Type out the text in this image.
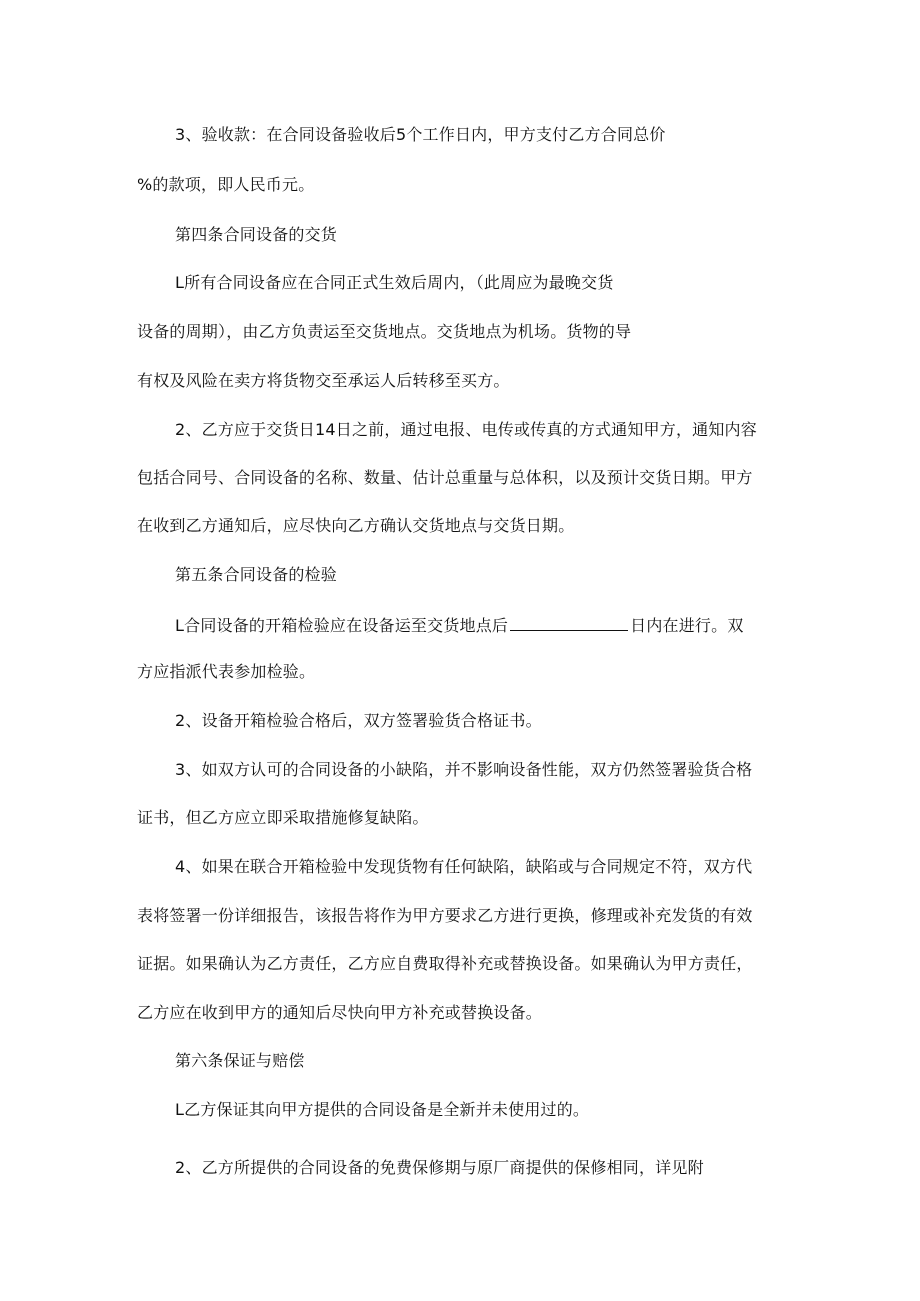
3、验收款：在合同设备验收后5个工作日内，甲方支付乙方合同总价
%的款项，即人民币元。
第四条合同设备的交货
L所有合同设备应在合同正式生效后周内，（此周应为最晚交货
设备的周期），由乙方负责运至交货地点。交货地点为机场。货物的导
有权及风险在卖方将货物交至承运人后转移至买方。
2、乙方应于交货日14日之前，通过电报、电传或传真的方式通知甲方，通知内容
包括合同号、合同设备的名称、数量、估计总重量与总体积，以及预计交货日期。甲方
在收到乙方通知后，应尽快向乙方确认交货地点与交货日期。
第五条合同设备的检验
L合同设备的开箱检验应在设备运至交货地点后	日内在进行。双
方应指派代表参加检验。
2、设备开箱检验合格后，双方签署验货合格证书。
3、如双方认可的合同设备的小缺陷，并不影响设备性能，双方仍然签署验货合格
证书，但乙方应立即采取措施修复缺陷。
4、如果在联合开箱检验中发现货物有任何缺陷，缺陷或与合同规定不符，双方代
表将签署一份详细报告，该报告将作为甲方要求乙方进行更换，修理或补充发货的有效
证据。如果确认为乙方责任，乙方应自费取得补充或替换设备。如果确认为甲方责任，
乙方应在收到甲方的通知后尽快向甲方补充或替换设备。
第六条保证与赔偿
L乙方保证其向甲方提供的合同设备是全新并未使用过的。
2、乙方所提供的合同设备的免费保修期与原厂商提供的保修相同，详见附
